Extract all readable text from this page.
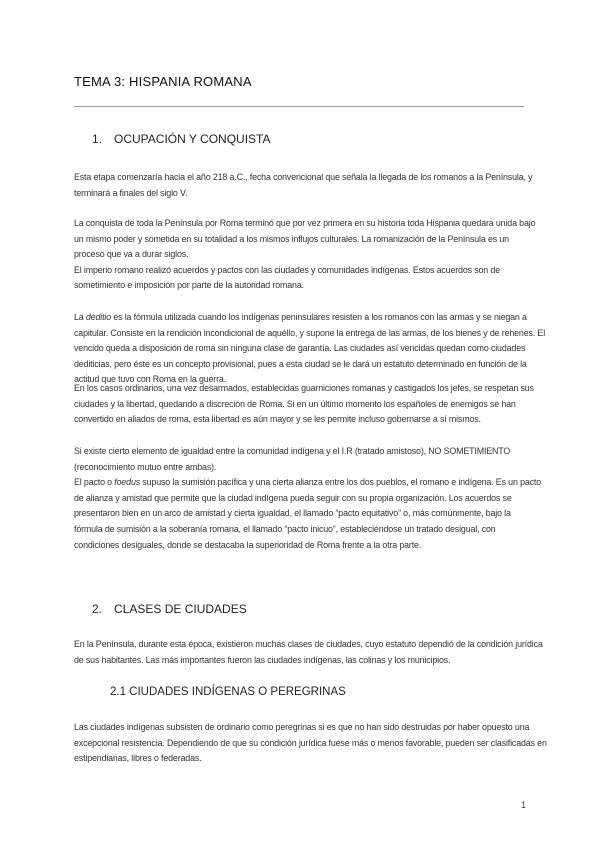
TEMA 3: HISPANIA ROMANA
1. OCUPACIÓN Y CONQUISTA
Esta etapa comenzaría hacia el año 218 a.C., fecha convencional que señala la llegada de los romanos a la Península, y
terminará a finales del siglo V.
La conquista de toda la Península por Roma terminó que por vez primera en su historia toda Hispania quedara unida bajo
un mismo poder y sometida en su totalidad a los mismos influjos culturales. La romanización de la Península es un
proceso que va a durar siglos.
El imperio romano realizó acuerdos y pactos con las ciudades y comunidades indígenas. Estos acuerdos son de
sometimiento e imposición por parte de la autoridad romana.
La deditio es la fórmula utilizada cuando los indígenas peninsulares resisten a los romanos con las armas y se niegan a
capitular. Consiste en la rendición incondicional de aquéllo, y supone la entrega de las armas, de los bienes y de rehenes. El
vencido queda a disposición de roma sin ninguna clase de garantía. Las ciudades así vencidas quedan como ciudades
dediticias, pero éste es un concepto provisional, pues a esta ciudad se le dará un estatuto determinado en función de la
actitud que tuvo con Roma en la guerra.
En los casos ordinarios, una vez desarmados, establecidas guarniciones romanas y castigados los jefes, se respetan sus
ciudades y la libertad, quedando a discreción de Roma. Si en un último momento los españoles de enemigos se han
convertido en aliados de roma, esta libertad es aún mayor y se les permite incluso gobernarse a sí mismos.
Si existe cierto elemento de igualdad entre la comunidad indígena y el I.R (tratado amistoso), NO SOMETIMIENTO
(reconocimiento mutuo entre ambas).
El pacto o foedus supuso la sumisión pacífica y una cierta alianza entre los dos pueblos, el romano e indígena. Es un pacto
de alianza y amistad que permite que la ciudad indígena pueda seguir con su propia organización. Los acuerdos se
presentaron bien en un arco de amistad y cierta igualdad, el llamado “pacto equitativo” o, más comúnmente, bajo la
fórmula de sumisión a la soberanía romana, el llamado “pacto inicuo”, estableciéndose un tratado desigual, con
condiciones desiguales, donde se destacaba la superioridad de Roma frente a la otra parte.
2. CLASES DE CIUDADES
En la Península, durante esta época, existieron muchas clases de ciudades, cuyo estatuto dependió de la condición jurídica
de sus habitantes. Las más importantes fueron las ciudades indígenas, las colinas y los municipios.
2.1 CIUDADES INDÍGENAS O PEREGRINAS
Las ciudades indígenas subsisten de ordinario como peregrinas si es que no han sido destruidas por haber opuesto una
excepcional resistencia. Dependiendo de que su condición jurídica fuese más o menos favorable, pueden ser clasificadas en
estipendiarias, libres o federadas.
1
